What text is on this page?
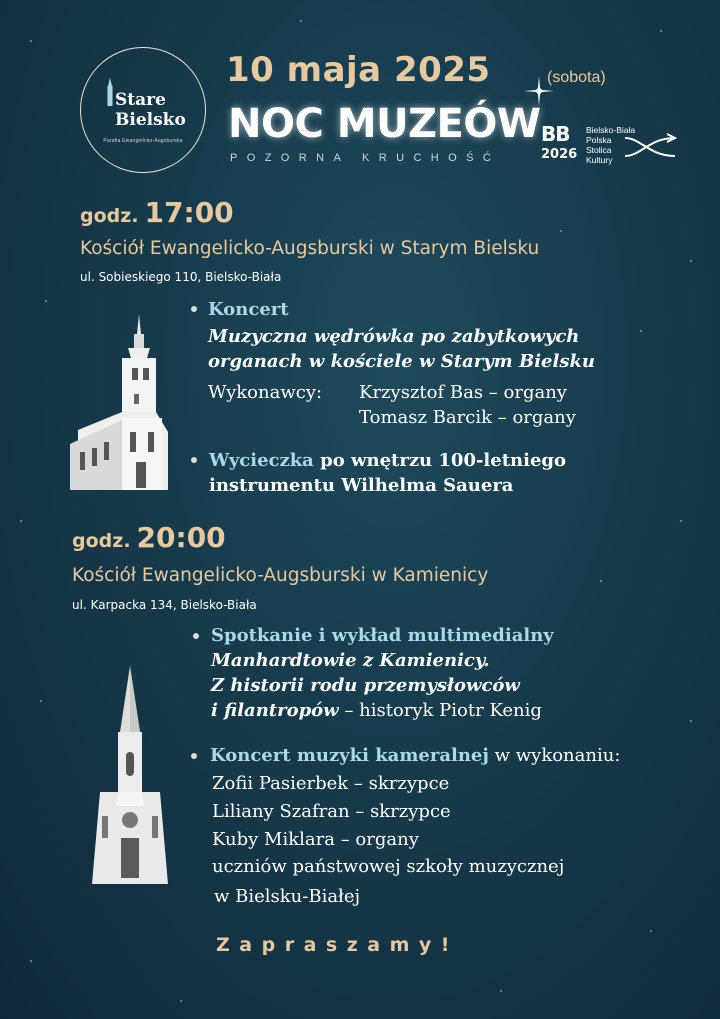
Stare
Bielsko
Parafia Ewangelicko-Augsburska
10 maja 2025	(sobota)
NOC MUZEÓW
POZORNA KRUCHOŚĆ
BB
2026
Bielsko-Biała
Polska
Stolica
Kultury
godz. 17:00
Kościół Ewangelicko-Augsburski w Starym Bielsku
ul. Sobieskiego 110, Bielsko-Biała
Koncert
Muzyczna wędrówka po zabytkowych
organach w kościele w Starym Bielsku
Wykonawcy: Krzysztof Bas – organy
Tomasz Barcik – organy
Wycieczka po wnętrzu 100-letniego
instrumentu Wilhelma Sauera
godz. 20:00
Kościół Ewangelicko-Augsburski w Kamienicy
ul. Karpacka 134, Bielsko-Biała
Spotkanie i wykład multimedialny
Manhardtowie z Kamienicy.
Z historii rodu przemysłowców
i filantropów – historyk Piotr Kenig
Koncert muzyki kameralnej w wykonaniu:
Zofii Pasierbek – skrzypce
Liliany Szafran – skrzypce
Kuby Miklara – organy
uczniów państwowej szkoły muzycznej
w Bielsku-Białej
Zapraszamy!
